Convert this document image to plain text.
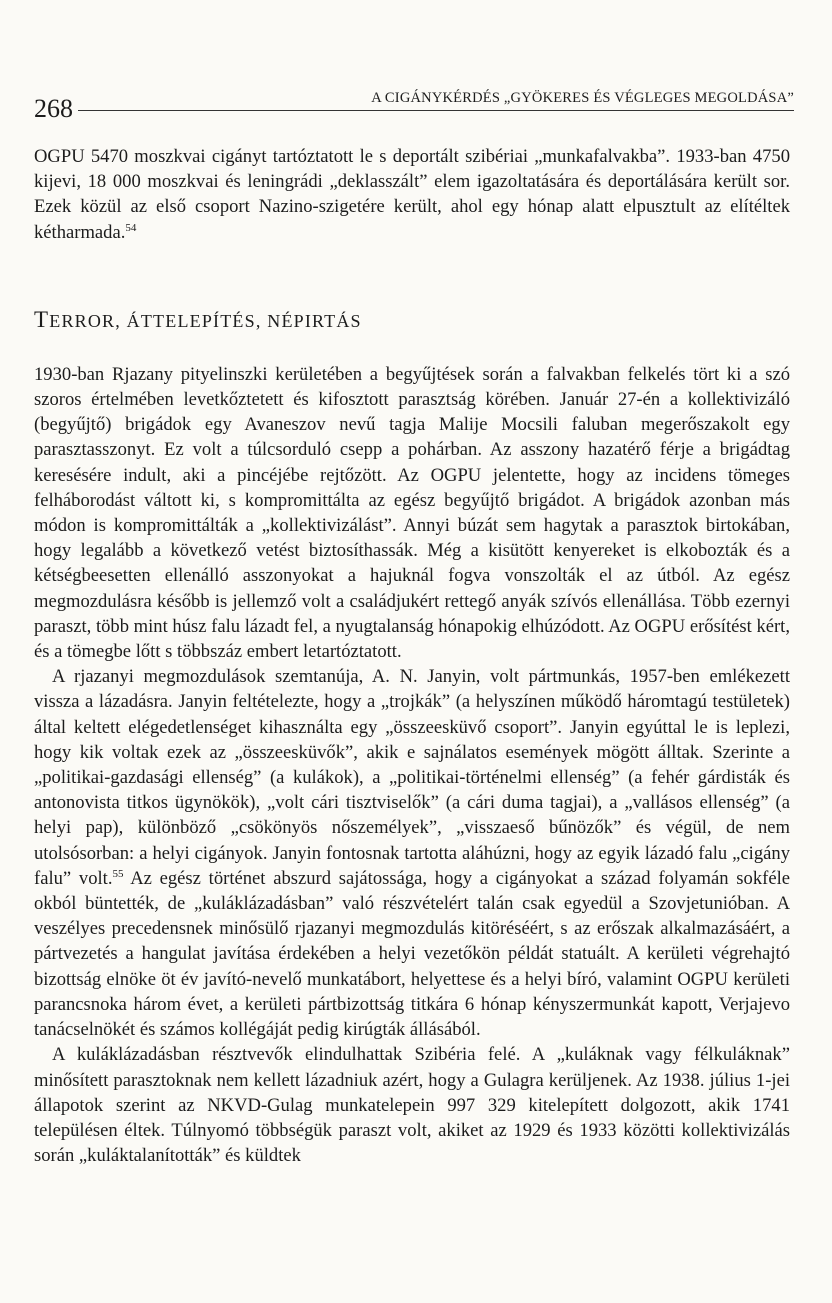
268	A CIGÁNYKÉRDÉS „GYÖKERES ÉS VÉGLEGES MEGOLDÁSA”

OGPU 5470 moszkvai cigányt tartóztatott le s deportált szibériai „munkafalvakba”. 1933-ban 4750 kijevi, 18 000 moszkvai és leningrádi „deklasszált” elem igazoltatására és deportálására került sor. Ezek közül az első csoport Nazino-szigetére került, ahol egy hónap alatt elpusztult az elítéltek kétharmada.$^{54}$

TERROR, ÁTTELEPÍTÉS, NÉPIRTÁS

1930-ban Rjazany pityelinszki kerületében a begyűjtések során a falvakban felkelés tört ki a szó szoros értelmében levetkőztetett és kifosztott parasztság körében. Január 27-én a kollektivizáló (begyűjtő) brigádok egy Avaneszov nevű tagja Malije Mocsili faluban megerőszakolt egy parasztasszonyt. Ez volt a túlcsorduló csepp a pohárban. Az asszony hazatérő férje a brigádtag keresésére indult, aki a pincéjébe rejtőzött. Az OGPU jelentette, hogy az incidens tömeges felháborodást váltott ki, s kompromittálta az egész begyűjtő brigádot. A brigádok azonban más módon is kompromittálták a „kollektivizálást”. Annyi búzát sem hagytak a parasztok birtokában, hogy legalább a következő vetést biztosíthassák. Még a kisütött kenyereket is elkobozták és a kétségbeesetten ellenálló asszonyokat a hajuknál fogva vonszolták el az útból. Az egész megmozdulásra később is jellemző volt a családjukért rettegő anyák szívós ellenállása. Több ezernyi paraszt, több mint húsz falu lázadt fel, a nyugtalanság hónapokig elhúzódott. Az OGPU erősítést kért, és a tömegbe lőtt s többszáz embert letartóztatott.

A rjazanyi megmozdulások szemtanúja, A. N. Janyin, volt pártmunkás, 1957-ben emlékezett vissza a lázadásra. Janyin feltételezte, hogy a „trojkák” (a helyszínen működő háromtagú testületek) által keltett elégedetlenséget kihasználta egy „összeesküvő csoport”. Janyin egyúttal le is leplezi, hogy kik voltak ezek az „összeesküvők”, akik e sajnálatos események mögött álltak. Szerinte a „politikai-gazdasági ellenség” (a kulákok), a „politikai-történelmi ellenség” (a fehér gárdisták és antonovista titkos ügynökök), „volt cári tisztviselők” (a cári duma tagjai), a „vallásos ellenség” (a helyi pap), különböző „csökönyös nőszemélyek”, „visszaeső bűnözők” és végül, de nem utolsósorban: a helyi cigányok. Janyin fontosnak tartotta aláhúzni, hogy az egyik lázadó falu „cigány falu” volt.$^{55}$ Az egész történet abszurd sajátossága, hogy a cigányokat a század folyamán sokféle okból büntették, de „kuláklázadásban” való részvételért talán csak egyedül a Szovjetunióban. A veszélyes precedensnek minősülő rjazanyi megmozdulás kitöréséért, s az erőszak alkalmazásáért, a pártvezetés a hangulat javítása érdekében a helyi vezetőkön példát statuált. A kerületi végrehajtó bizottság elnöke öt év javító-nevelő munkatábort, helyettese és a helyi bíró, valamint OGPU kerületi parancsnoka három évet, a kerületi pártbizottság titkára 6 hónap kényszermunkát kapott, Verjajevo tanácselnökét és számos kollégáját pedig kirúgták állásából.

A kuláklázadásban résztvevők elindulhattak Szibéria felé. A „kuláknak vagy félkuláknak” minősített parasztoknak nem kellett lázadniuk azért, hogy a Gulagra kerüljenek. Az 1938. július 1-jei állapotok szerint az NKVD-Gulag munkatelepein 997 329 kitelepített dolgozott, akik 1741 településen éltek. Túlnyomó többségük paraszt volt, akiket az 1929 és 1933 közötti kollektivizálás során „kuláktalanították” és küldtek
